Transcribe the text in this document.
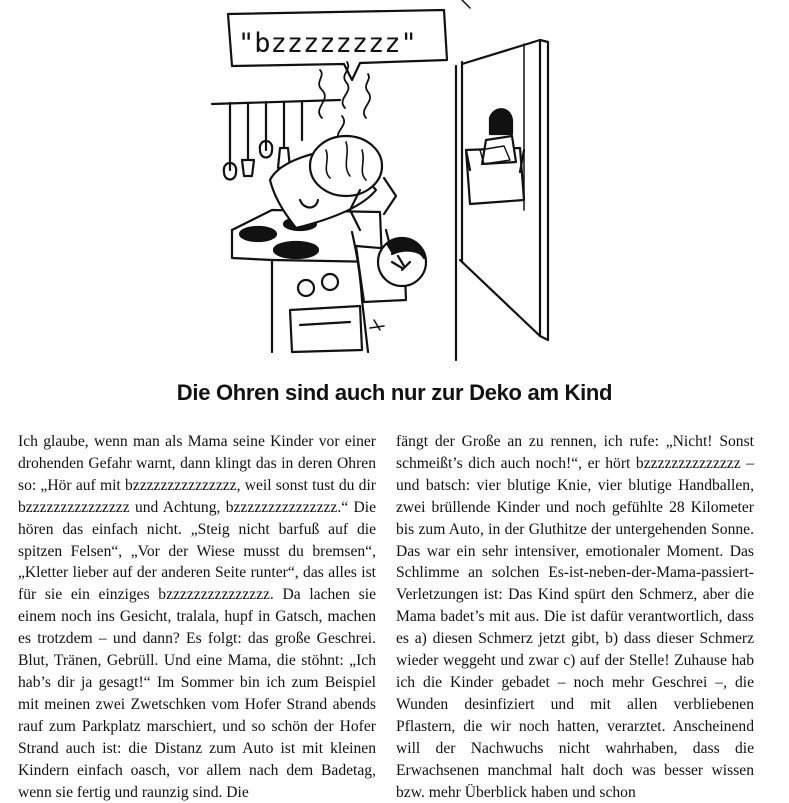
"bzzzzzzzz"
Die Ohren sind auch nur zur Deko am Kind

Ich glaube, wenn man als Mama seine Kinder vor einer drohenden Gefahr warnt, dann klingt das in deren Ohren so: „Hör auf mit bzzzzzzzzzzzzzzz, weil sonst tust du dir bzzzzzzzzzzzzzzz und Achtung, bzzzzzzzzzzzzzzz.“ Die hören das einfach nicht. „Steig nicht barfuß auf die spitzen Felsen“, „Vor der Wiese musst du bremsen“, „Kletter lieber auf der anderen Seite runter“, das alles ist für sie ein einziges bzzzzzzzzzzzzzzz. Da lachen sie einem noch ins Gesicht, tralala, hupf in Gatsch, machen es trotzdem – und dann? Es folgt: das große Geschrei. Blut, Tränen, Gebrüll. Und eine Mama, die stöhnt: „Ich hab’s dir ja gesagt!“ Im Sommer bin ich zum Beispiel mit meinen zwei Zwetschken vom Hofer Strand abends rauf zum Parkplatz marschiert, und so schön der Hofer Strand auch ist: die Distanz zum Auto ist mit kleinen Kindern einfach oasch, vor allem nach dem Badetag, wenn sie fertig und raunzig sind. Die

fängt der Große an zu rennen, ich rufe: „Nicht! Sonst schmeißt’s dich auch noch!“, er hört bzzzzzzzzzzzzzz – und batsch: vier blutige Knie, vier blutige Handballen, zwei brüllende Kinder und noch gefühlte 28 Kilometer bis zum Auto, in der Gluthitze der untergehenden Sonne. Das war ein sehr intensiver, emotionaler Moment. Das Schlimme an solchen Es-ist-neben-der-Mama-passiert-Verletzungen ist: Das Kind spürt den Schmerz, aber die Mama badet’s mit aus. Die ist dafür verantwortlich, dass es a) diesen Schmerz jetzt gibt, b) dass dieser Schmerz wieder weggeht und zwar c) auf der Stelle! Zuhause hab ich die Kinder gebadet – noch mehr Geschrei –, die Wunden desinfiziert und mit allen verbliebenen Pflastern, die wir noch hatten, verarztet. Anscheinend will der Nachwuchs nicht wahrhaben, dass die Erwachsenen manchmal halt doch was besser wissen bzw. mehr Überblick haben und schon
